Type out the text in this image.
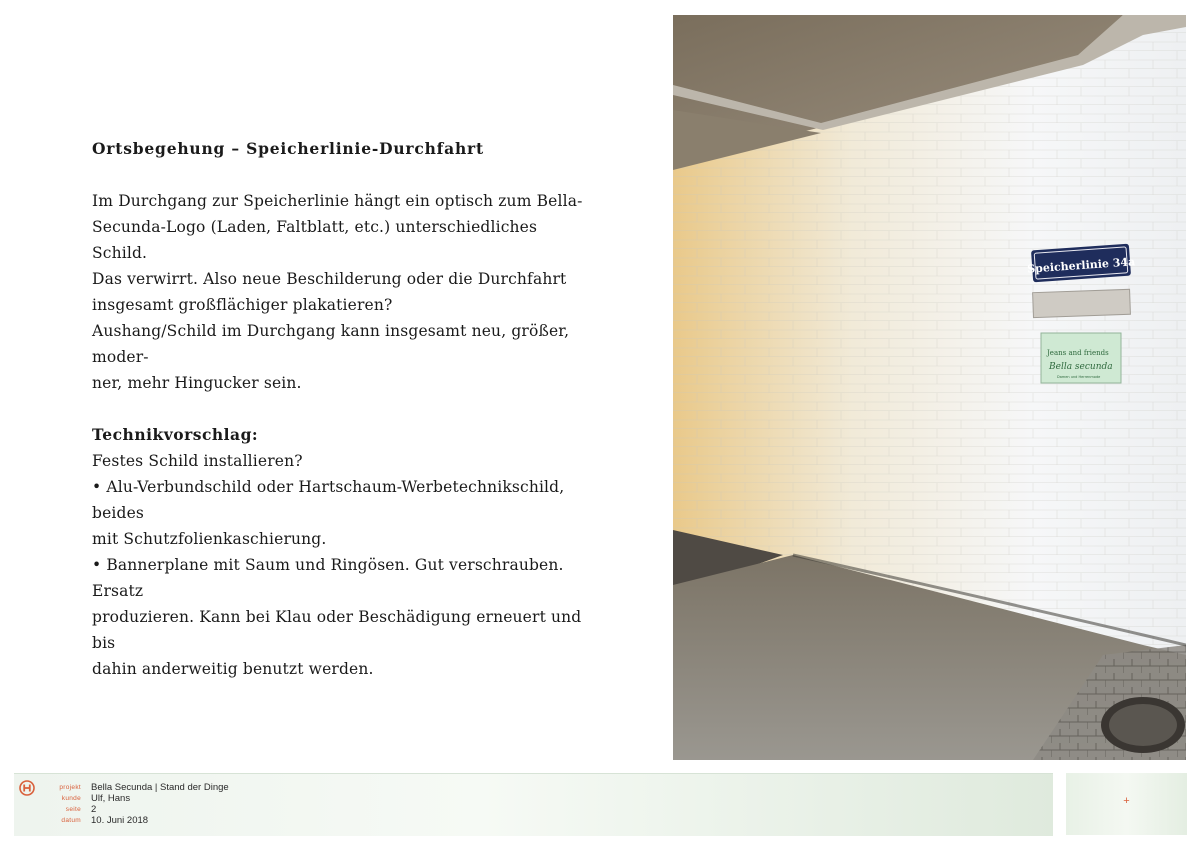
Ortsbegehung – Speicherlinie-Durchfahrt

Im Durchgang zur Speicherlinie hängt ein optisch zum Bella-

Secunda-Logo (Laden, Faltblatt, etc.) unterschiedliches Schild.

Das verwirrt. Also neue Beschilderung oder die Durchfahrt

insgesamt großflächiger plakatieren?

Aushang/Schild im Durchgang kann insgesamt neu, größer, moder-

ner, mehr Hingucker sein.

Technikvorschlag:

Festes Schild installieren?

• Alu-Verbundschild oder Hartschaum-Werbetechnikschild, beides

mit Schutzfolienkaschierung.

• Bannerplane mit Saum und Ringösen. Gut verschrauben. Ersatz

produzieren. Kann bei Klau oder Beschädigung erneuert und bis

dahin anderweitig benutzt werden.

Speicherlinie 34a
Jeans and friends
Bella secunda
Damen und Herrenmode
projekt Bella Secunda | Stand der Dinge
kunde Ulf, Hans
seite 2
datum 10. Juni 2018
+
